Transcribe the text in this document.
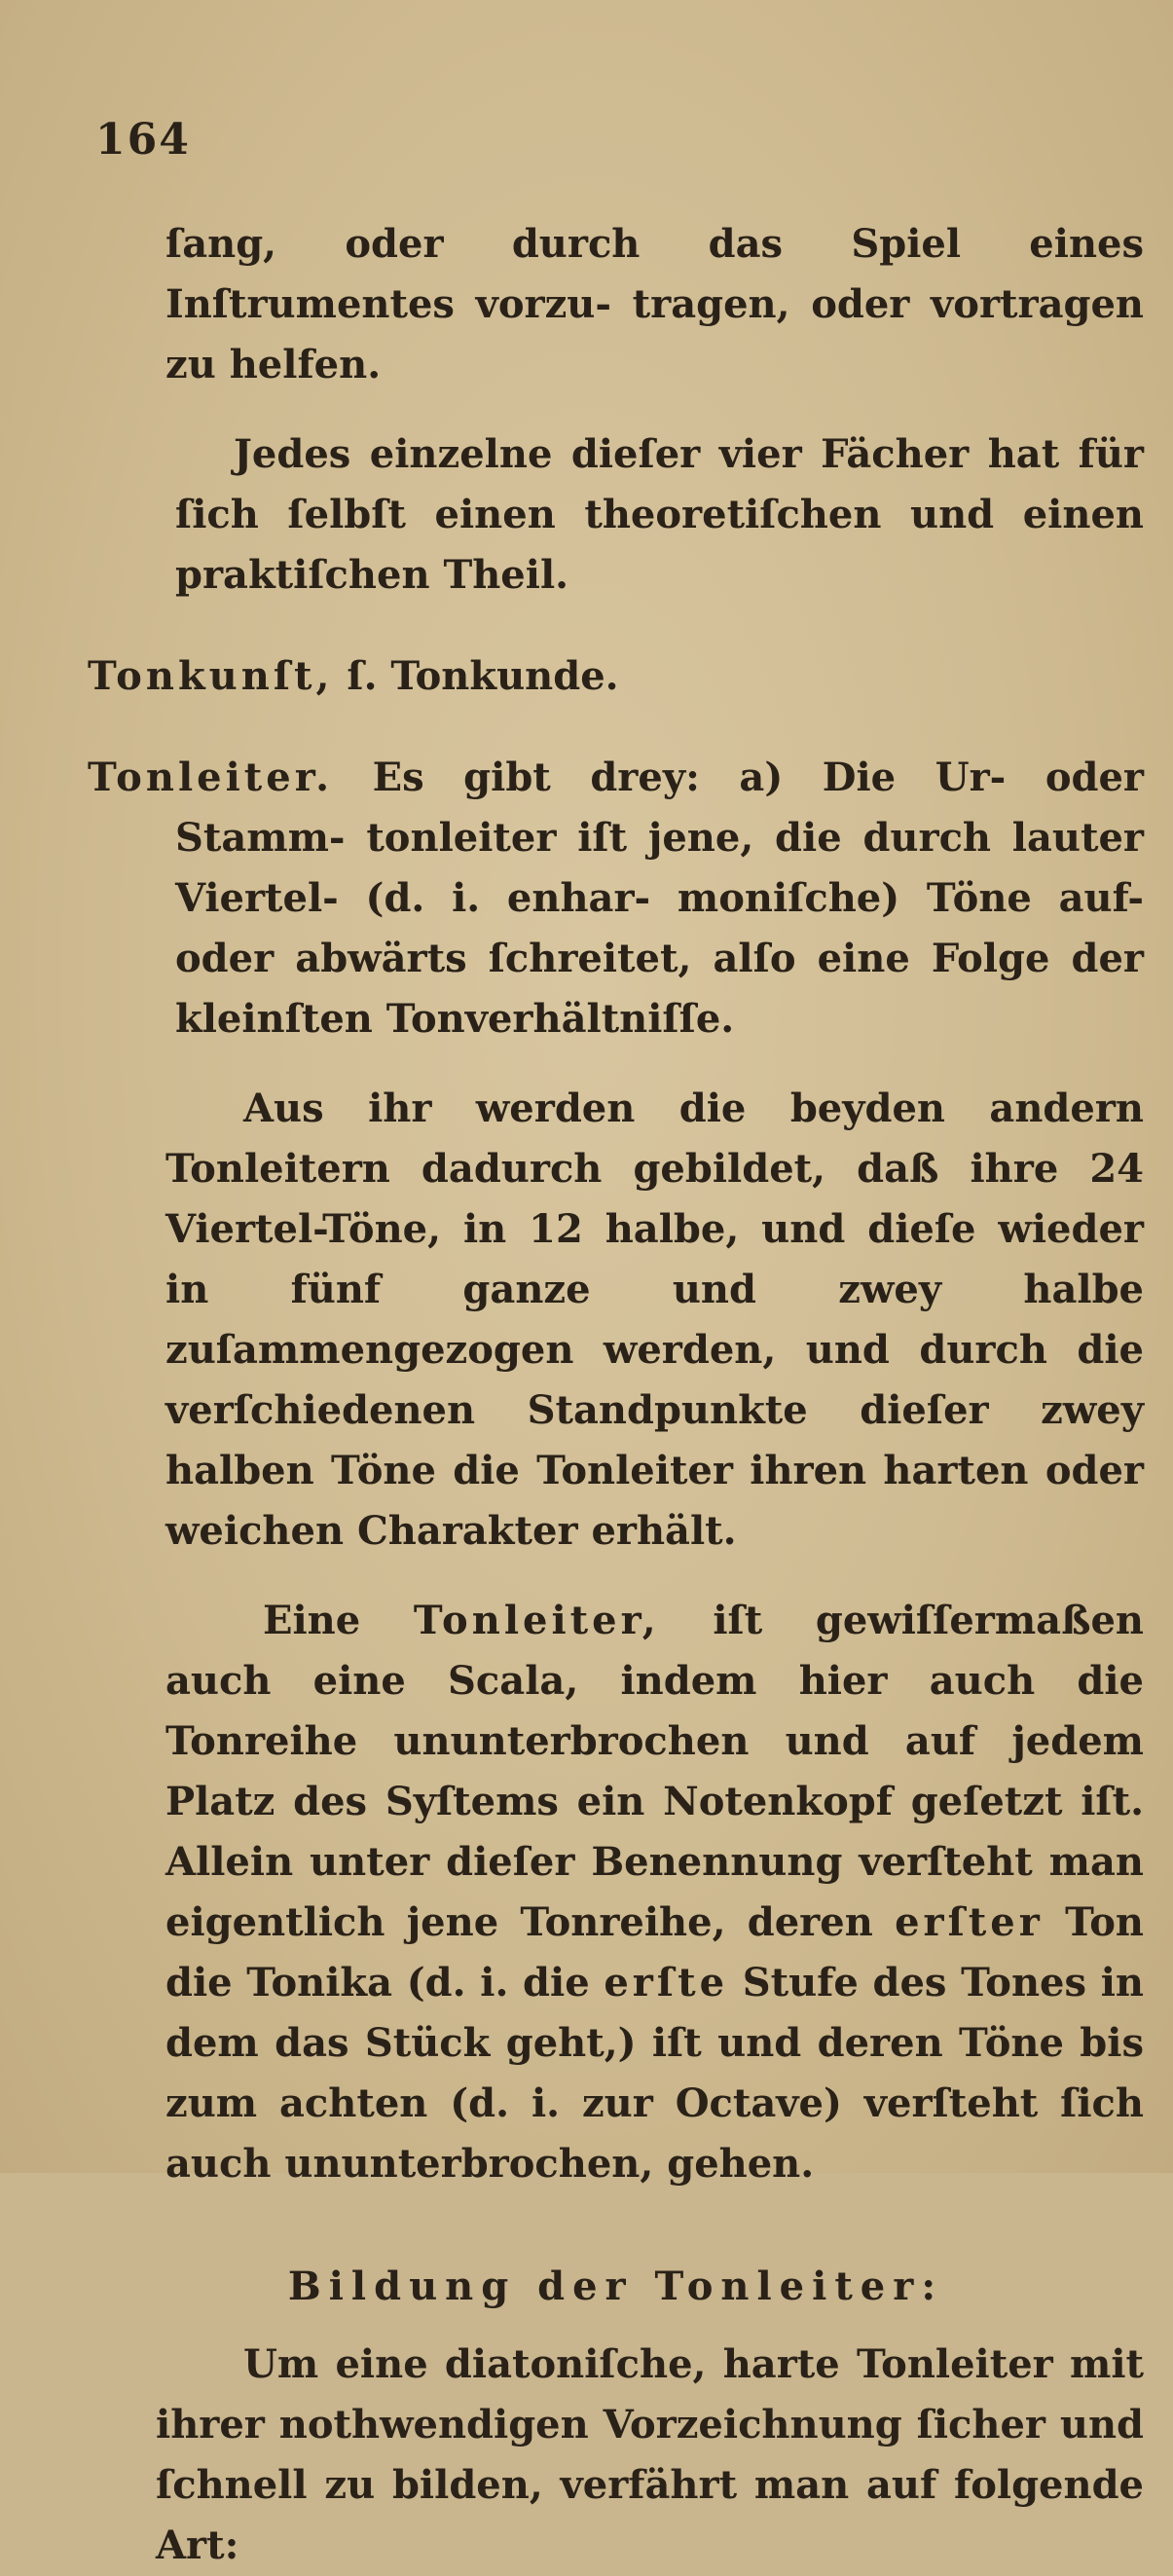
164

ſang, oder durch das Spiel eines Inſtrumentes vorzu- tragen, oder vortragen zu helfen.

Jedes einzelne dieſer vier Fächer hat für ſich ſelbſt einen theoretiſchen und einen praktiſchen Theil.

Tonkunſt, ſ. Tonkunde.

Tonleiter. Es gibt drey: a) Die Ur- oder Stamm- tonleiter iſt jene, die durch lauter Viertel- (d. i. enhar- moniſche) Töne auf- oder abwärts ſchreitet, alſo eine Folge der kleinſten Tonverhältniſſe.

Aus ihr werden die beyden andern Tonleitern dadurch gebildet, daß ihre 24 Viertel-Töne, in 12 halbe, und dieſe wieder in fünf ganze und zwey halbe zuſammengezogen werden, und durch die verſchiedenen Standpunkte dieſer zwey halben Töne die Tonleiter ihren harten oder weichen Charakter erhält.

Eine Tonleiter, iſt gewiſſermaßen auch eine Scala, indem hier auch die Tonreihe ununterbrochen und auf jedem Platz des Syſtems ein Notenkopf geſetzt iſt. Allein unter dieſer Benennung verſteht man eigentlich jene Tonreihe, deren erſter Ton die Tonika (d. i. die erſte Stufe des Tones in dem das Stück geht,) iſt und deren Töne bis zum achten (d. i. zur Octave) verſteht ſich auch ununterbrochen, gehen.

Bildung der Tonleiter:

Um eine diatoniſche, harte Tonleiter mit ihrer nothwendigen Vorzeichnung ſicher und ſchnell zu bilden, verfährt man auf folgende Art:
